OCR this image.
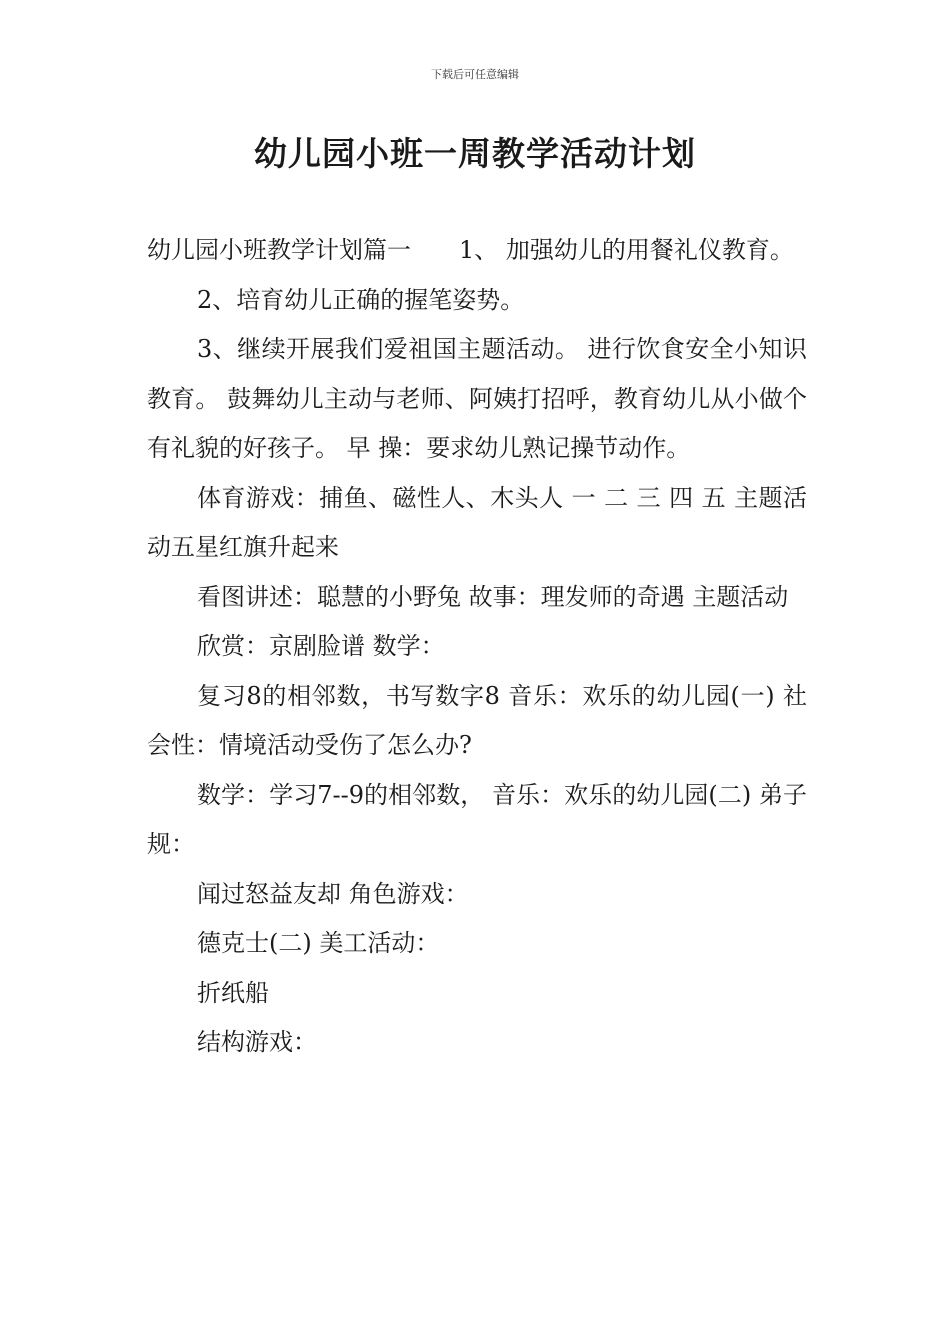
下载后可任意编辑
幼儿园小班一周教学活动计划

幼儿园小班教学计划篇一　　1、 加强幼儿的用餐礼仪教育。

2、培育幼儿正确的握笔姿势。

3、继续开展我们爱祖国主题活动。 进行饮食安全小知识教育。 鼓舞幼儿主动与老师、阿姨打招呼，教育幼儿从小做个有礼貌的好孩子。 早 操：要求幼儿熟记操节动作。

体育游戏：捕鱼、磁性人、木头人 一 二 三 四 五 主题活动五星红旗升起来

看图讲述：聪慧的小野兔 故事：理发师的奇遇 主题活动

欣赏：京剧脸谱 数学：

复习8的相邻数，书写数字8 音乐：欢乐的幼儿园(一) 社会性：情境活动受伤了怎么办?

数学：学习7--9的相邻数， 音乐：欢乐的幼儿园(二) 弟子规：

闻过怒益友却 角色游戏：

德克士(二) 美工活动：

折纸船

结构游戏：
